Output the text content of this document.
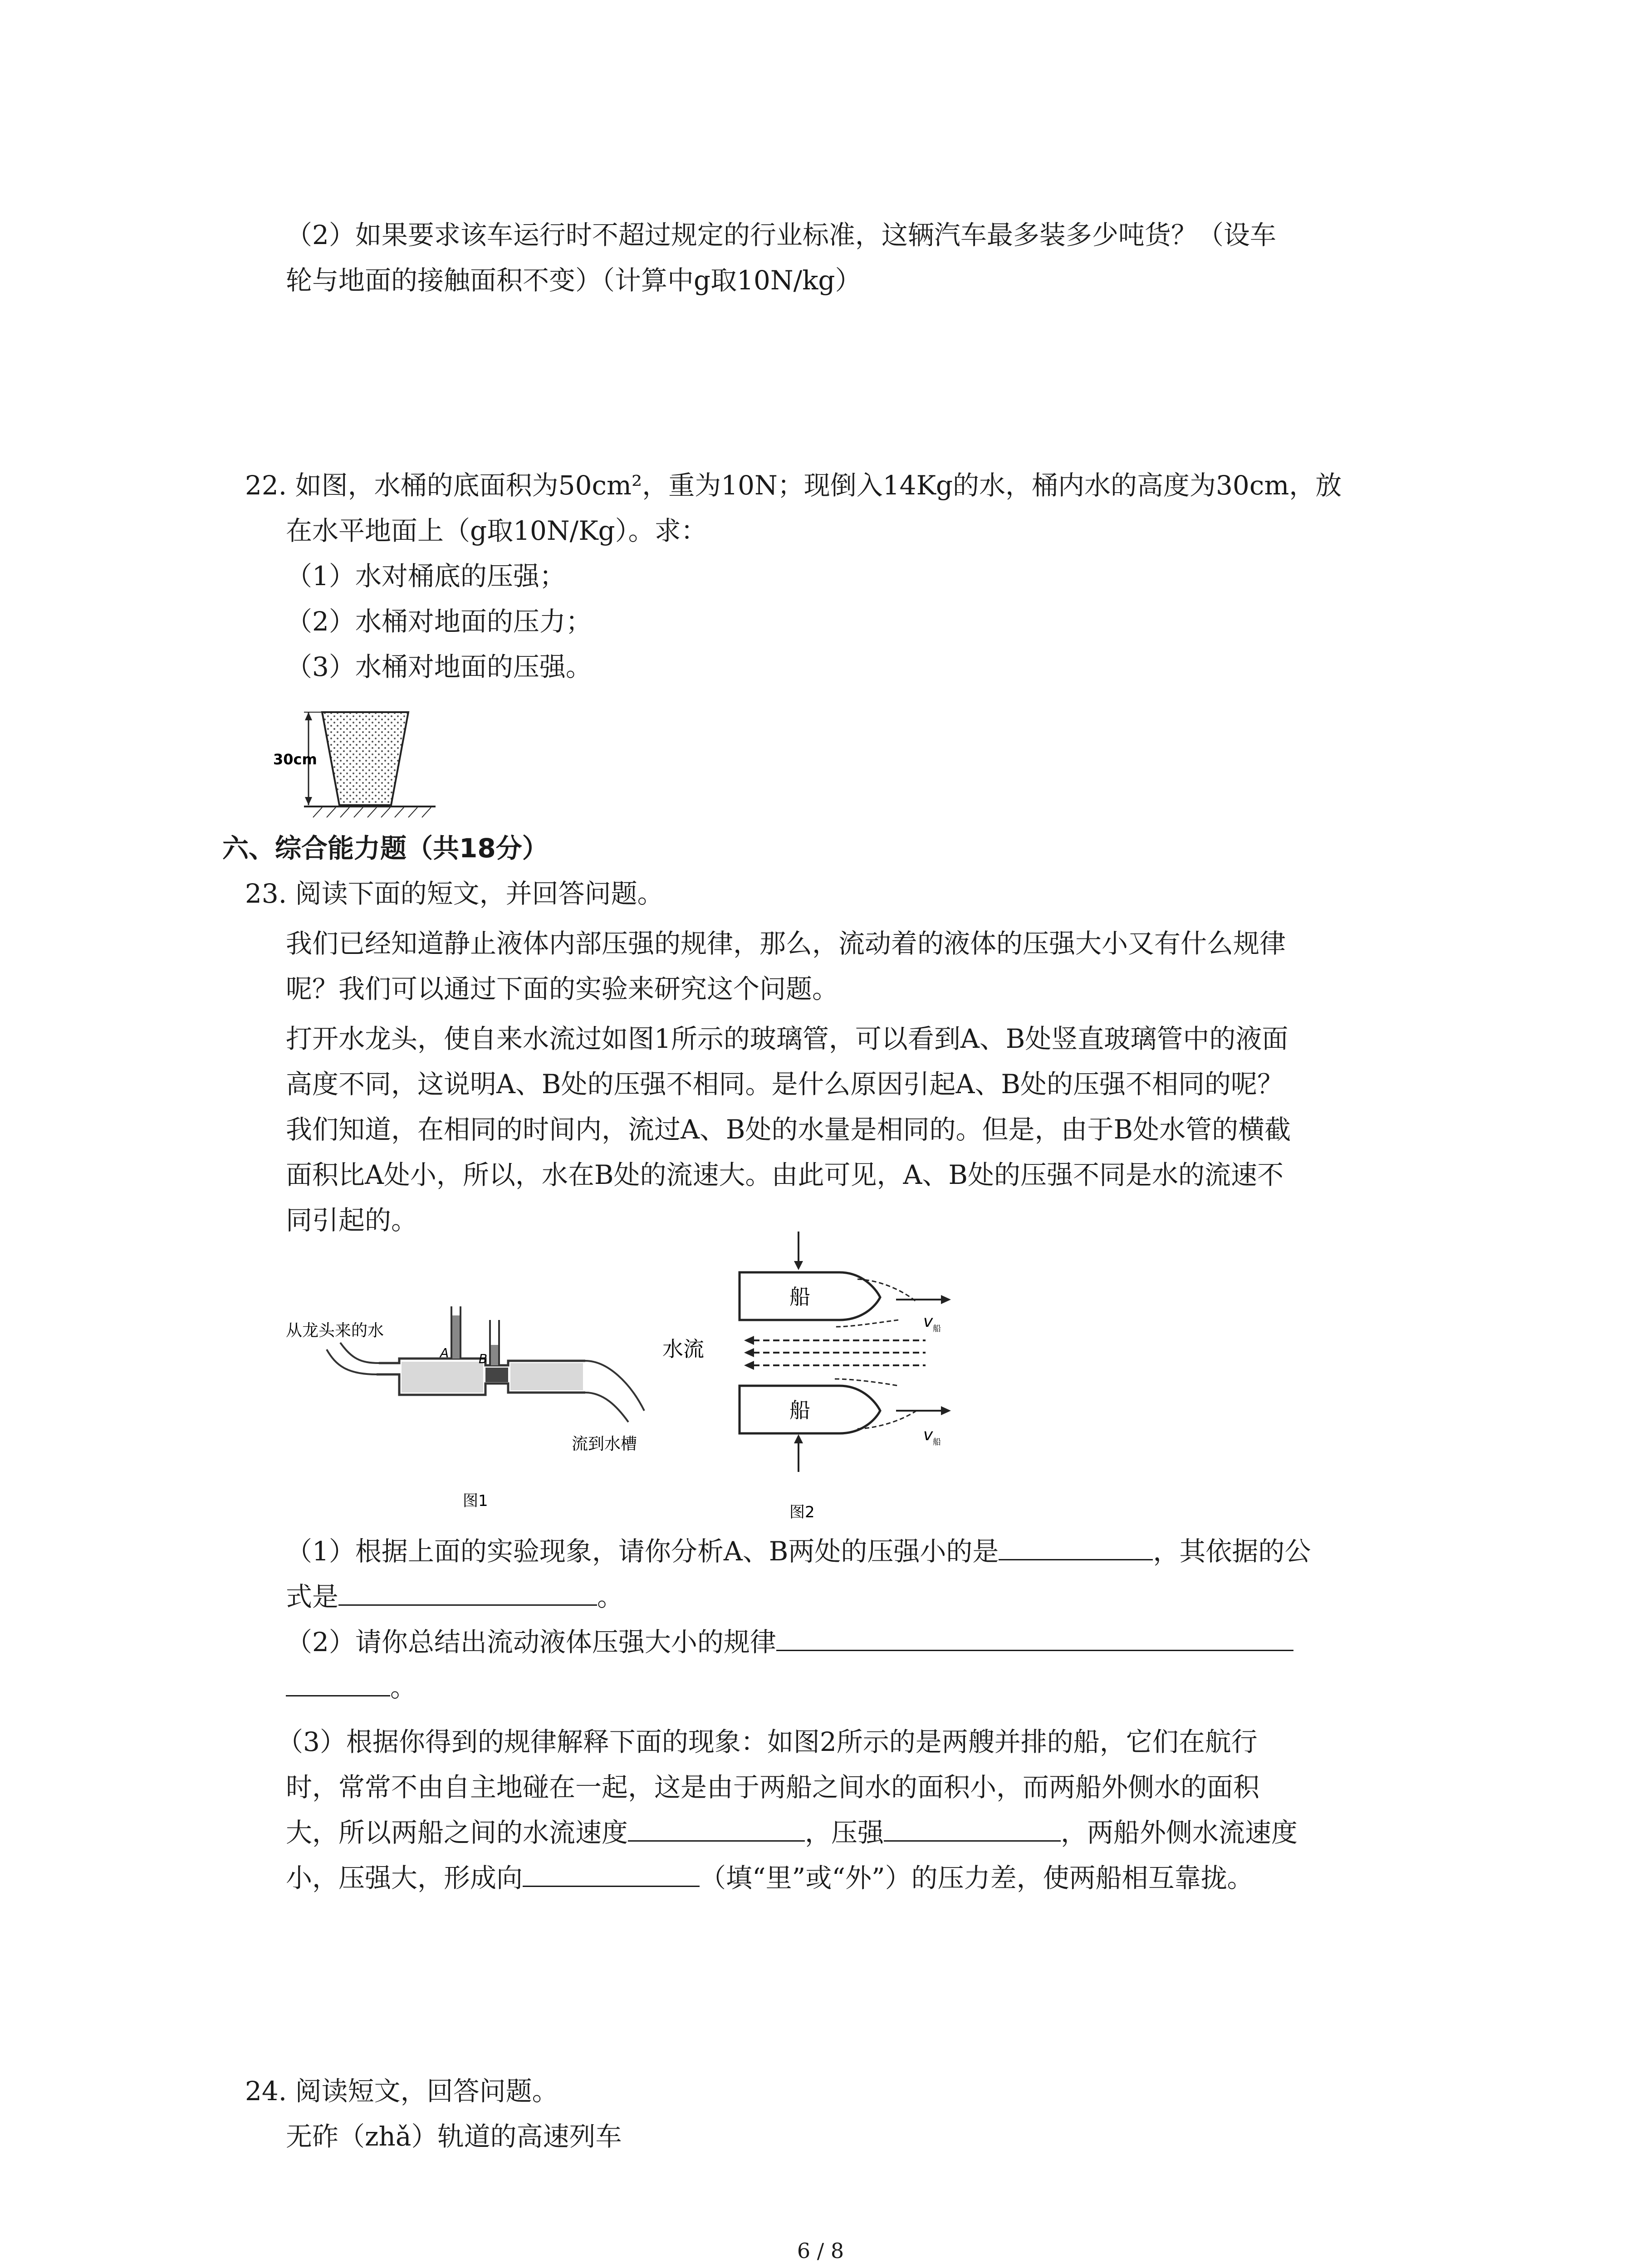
（2）如果要求该车运行时不超过规定的行业标准，这辆汽车最多装多少吨货？（设车
轮与地面的接触面积不变）（计算中g取10N/kg）
22. 如图，水桶的底面积为50cm²，重为10N；现倒入14Kg的水，桶内水的高度为30cm，放
在水平地面上（g取10N/Kg）。求：
（1）水对桶底的压强；
（2）水桶对地面的压力；
（3）水桶对地面的压强。
30cm
六、综合能力题（共18分）
23. 阅读下面的短文，并回答问题。
我们已经知道静止液体内部压强的规律，那么，流动着的液体的压强大小又有什么规律
呢？我们可以通过下面的实验来研究这个问题。
打开水龙头，使自来水流过如图1所示的玻璃管，可以看到A、B处竖直玻璃管中的液面
高度不同，这说明A、B处的压强不相同。是什么原因引起A、B处的压强不相同的呢？
我们知道，在相同的时间内，流过A、B处的水量是相同的。但是，由于B处水管的横截
面积比A处小，所以，水在B处的流速大。由此可见，A、B处的压强不同是水的流速不
同引起的。
从龙头来的水
A B
流到水槽
图1
船
v 船
水流
船
v 船
图2
（1）根据上面的实验现象，请你分析A、B两处的压强小的是	，其依据的公
式是	。
（2）请你总结出流动液体压强大小的规律
。
（3）根据你得到的规律解释下面的现象：如图2所示的是两艘并排的船，它们在航行
时，常常不由自主地碰在一起，这是由于两船之间水的面积小，而两船外侧水的面积
大，所以两船之间的水流速度	，压强	，两船外侧水流速度
小，压强大，形成向	（填“里”或“外”）的压力差，使两船相互靠拢。
24. 阅读短文，回答问题。
无砟（zhǎ）轨道的高速列车
6 / 8
